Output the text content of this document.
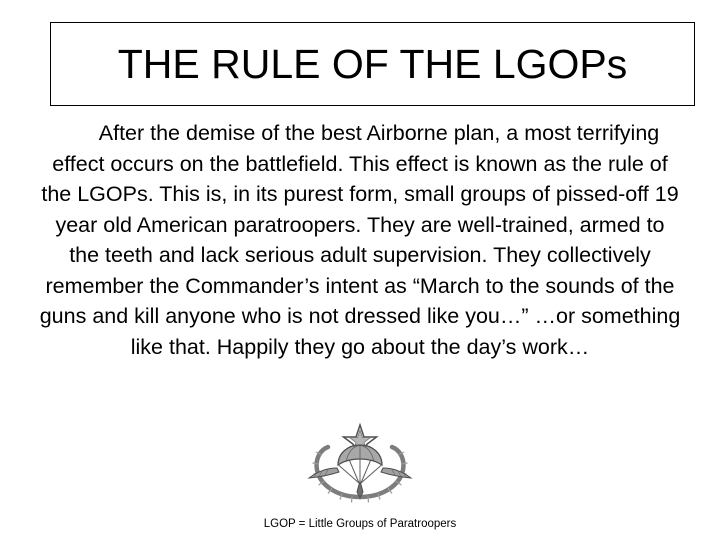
THE RULE OF THE LGOPs

After the demise of the best Airborne plan, a most terrifying effect occurs on the battlefield. This effect is known as the rule of the LGOPs. This is, in its purest form, small groups of pissed-off 19 year old American paratroopers. They are well-trained, armed to the teeth and lack serious adult supervision. They collectively remember the Commander’s intent as “March to the sounds of the guns and kill anyone who is not dressed like you…” …or something like that. Happily they go about the day’s work…

LGOP = Little Groups of Paratroopers
